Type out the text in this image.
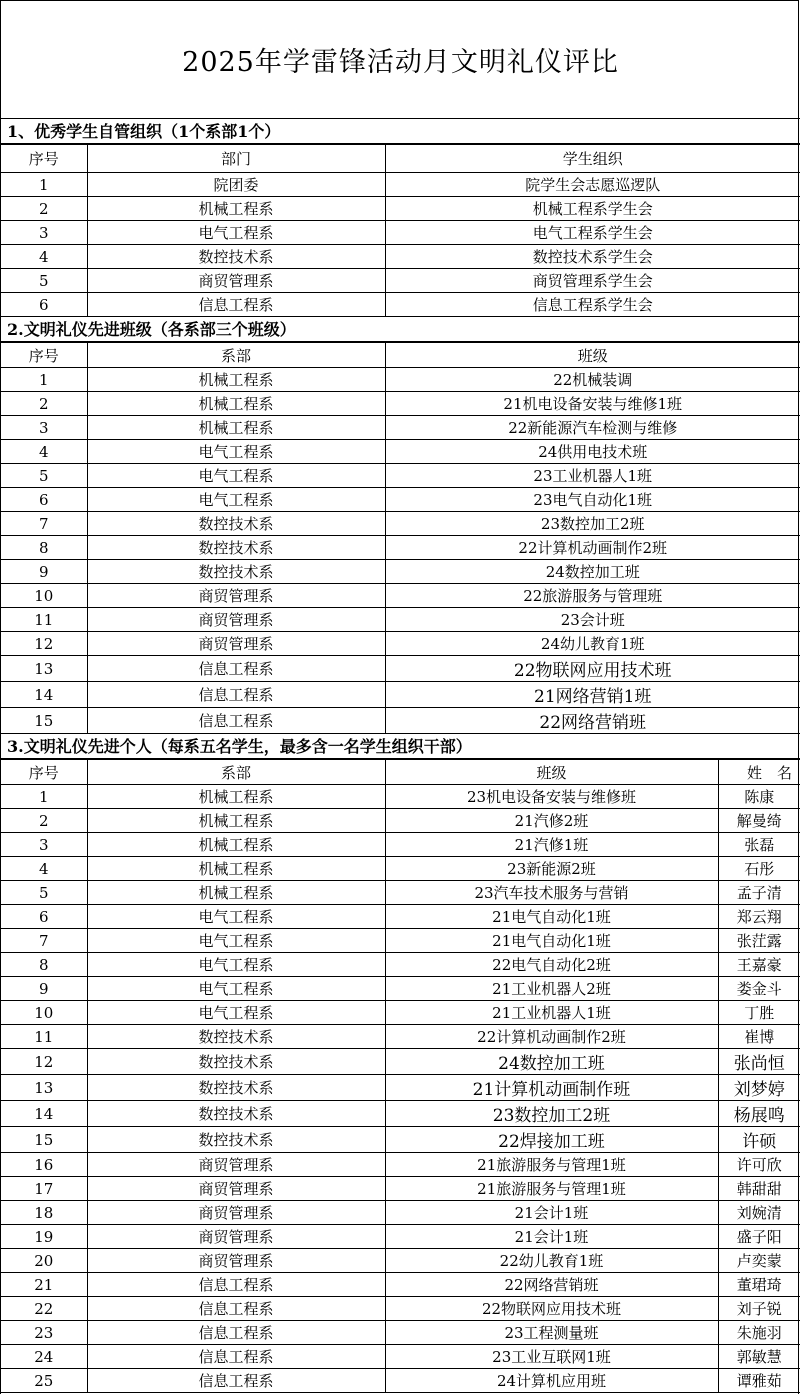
2025年学雷锋活动月文明礼仪评比
1、优秀学生自管组织（1个系部1个）
序号	部门	学生组织
1	院团委	院学生会志愿巡逻队
2	机械工程系	机械工程系学生会
3	电气工程系	电气工程系学生会
4	数控技术系	数控技术系学生会
5	商贸管理系	商贸管理系学生会
6	信息工程系	信息工程系学生会
2.文明礼仪先进班级（各系部三个班级）
序号	系部	班级
1	机械工程系	22机械装调
2	机械工程系	21机电设备安装与维修1班
3	机械工程系	22新能源汽车检测与维修
4	电气工程系	24供用电技术班
5	电气工程系	23工业机器人1班
6	电气工程系	23电气自动化1班
7	数控技术系	23数控加工2班
8	数控技术系	22计算机动画制作2班
9	数控技术系	24数控加工班
10	商贸管理系	22旅游服务与管理班
11	商贸管理系	23会计班
12	商贸管理系	24幼儿教育1班
13	信息工程系	22物联网应用技术班
14	信息工程系	21网络营销1班
15	信息工程系	22网络营销班
3.文明礼仪先进个人（每系五名学生，最多含一名学生组织干部）
序号	系部	班级	姓　名
1	机械工程系	23机电设备安装与维修班	陈康
2	机械工程系	21汽修2班	解曼绮
3	机械工程系	21汽修1班	张磊
4	机械工程系	23新能源2班	石彤
5	机械工程系	23汽车技术服务与营销	孟子清
6	电气工程系	21电气自动化1班	郑云翔
7	电气工程系	21电气自动化1班	张茳露
8	电气工程系	22电气自动化2班	王嘉豪
9	电气工程系	21工业机器人2班	娄金斗
10	电气工程系	21工业机器人1班	丁胜
11	数控技术系	22计算机动画制作2班	崔博
12	数控技术系	24数控加工班	张尚恒
13	数控技术系	21计算机动画制作班	刘梦婷
14	数控技术系	23数控加工2班	杨展鸣
15	数控技术系	22焊接加工班	许硕
16	商贸管理系	21旅游服务与管理1班	许可欣
17	商贸管理系	21旅游服务与管理1班	韩甜甜
18	商贸管理系	21会计1班	刘婉清
19	商贸管理系	21会计1班	盛子阳
20	商贸管理系	22幼儿教育1班	卢奕蒙
21	信息工程系	22网络营销班	董珺琦
22	信息工程系	22物联网应用技术班	刘子锐
23	信息工程系	23工程测量班	朱施羽
24	信息工程系	23工业互联网1班	郭敏慧
25	信息工程系	24计算机应用班	谭雅茹
